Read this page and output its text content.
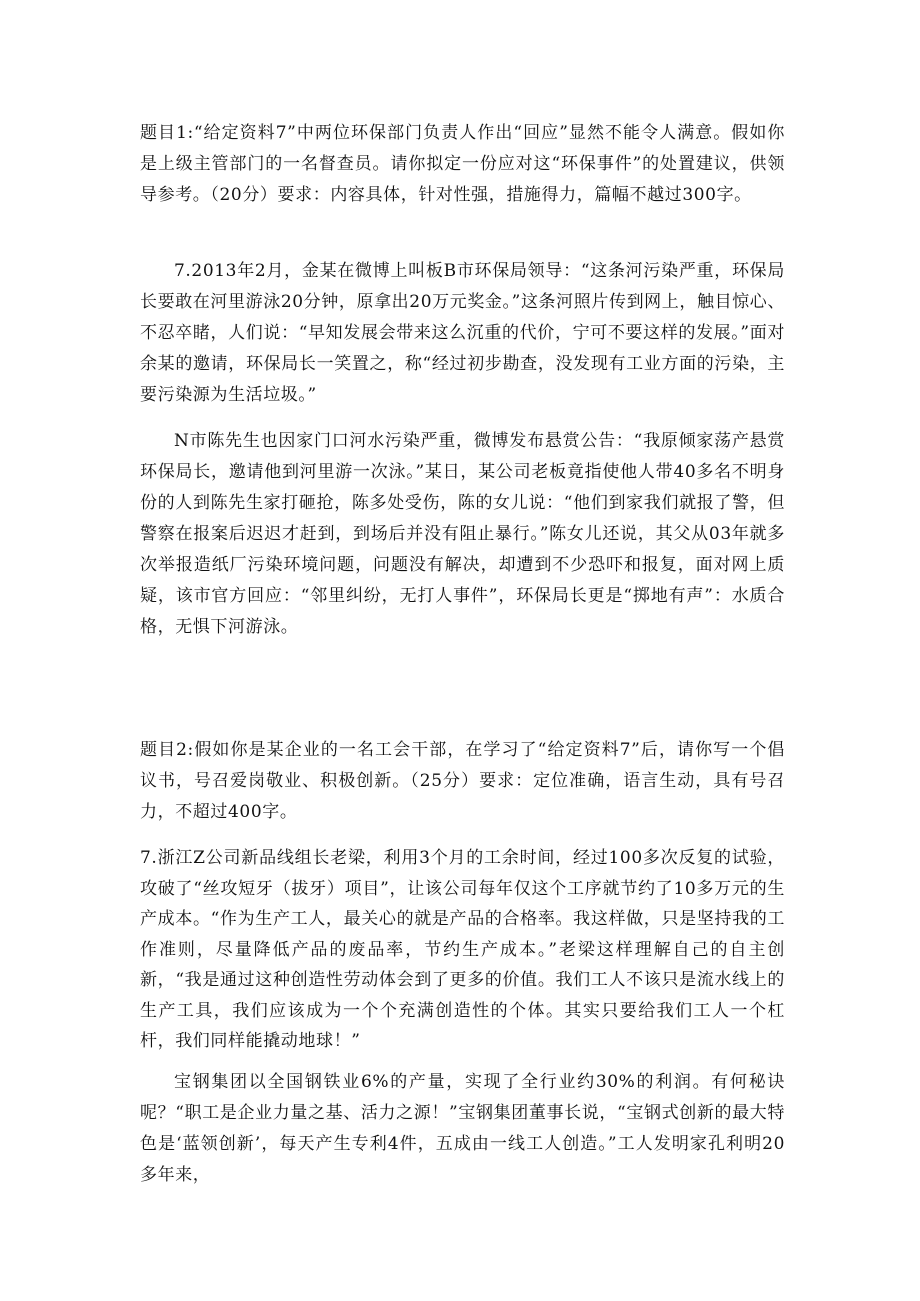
题目1:“给定资料7”中两位环保部门负责人作出“回应”显然不能令人满意。假如你是上级主管部门的一名督查员。请你拟定一份应对这“环保事件”的处置建议，供领导参考。（20分）要求：内容具体，针对性强，措施得力，篇幅不越过300字。

7.2013年2月，金某在微博上叫板B市环保局领导：“这条河污染严重，环保局长要敢在河里游泳20分钟，原拿出20万元奖金。”这条河照片传到网上，触目惊心、不忍卒睹，人们说：“早知发展会带来这么沉重的代价，宁可不要这样的发展。”面对余某的邀请，环保局长一笑置之，称“经过初步勘查，没发现有工业方面的污染，主要污染源为生活垃圾。”

N市陈先生也因家门口河水污染严重，微博发布悬赏公告：“我原倾家荡产悬赏环保局长，邀请他到河里游一次泳。”某日，某公司老板竟指使他人带40多名不明身份的人到陈先生家打砸抢，陈多处受伤，陈的女儿说：“他们到家我们就报了警，但警察在报案后迟迟才赶到，到场后并没有阻止暴行。”陈女儿还说，其父从03年就多次举报造纸厂污染环境问题，问题没有解决，却遭到不少恐吓和报复，面对网上质疑，该市官方回应：“邻里纠纷，无打人事件”，环保局长更是“掷地有声”：水质合格，无惧下河游泳。

题目2:假如你是某企业的一名工会干部，在学习了“给定资料7”后，请你写一个倡议书，号召爱岗敬业、积极创新。（25分）要求：定位准确，语言生动，具有号召力，不超过400字。

7.浙江Z公司新品线组长老梁，利用3个月的工余时间，经过100多次反复的试验，攻破了“丝攻短牙（拔牙）项目”，让该公司每年仅这个工序就节约了10多万元的生产成本。“作为生产工人，最关心的就是产品的合格率。我这样做，只是坚持我的工作准则，尽量降低产品的废品率，节约生产成本。”老梁这样理解自己的自主创新，“我是通过这种创造性劳动体会到了更多的价值。我们工人不该只是流水线上的生产工具，我们应该成为一个个充满创造性的个体。其实只要给我们工人一个杠杆，我们同样能撬动地球！”

宝钢集团以全国钢铁业6%的产量，实现了全行业约30%的利润。有何秘诀呢？“职工是企业力量之基、活力之源！”宝钢集团董事长说，“宝钢式创新的最大特色是‘蓝领创新’，每天产生专利4件，五成由一线工人创造。”工人发明家孔利明20多年来，
